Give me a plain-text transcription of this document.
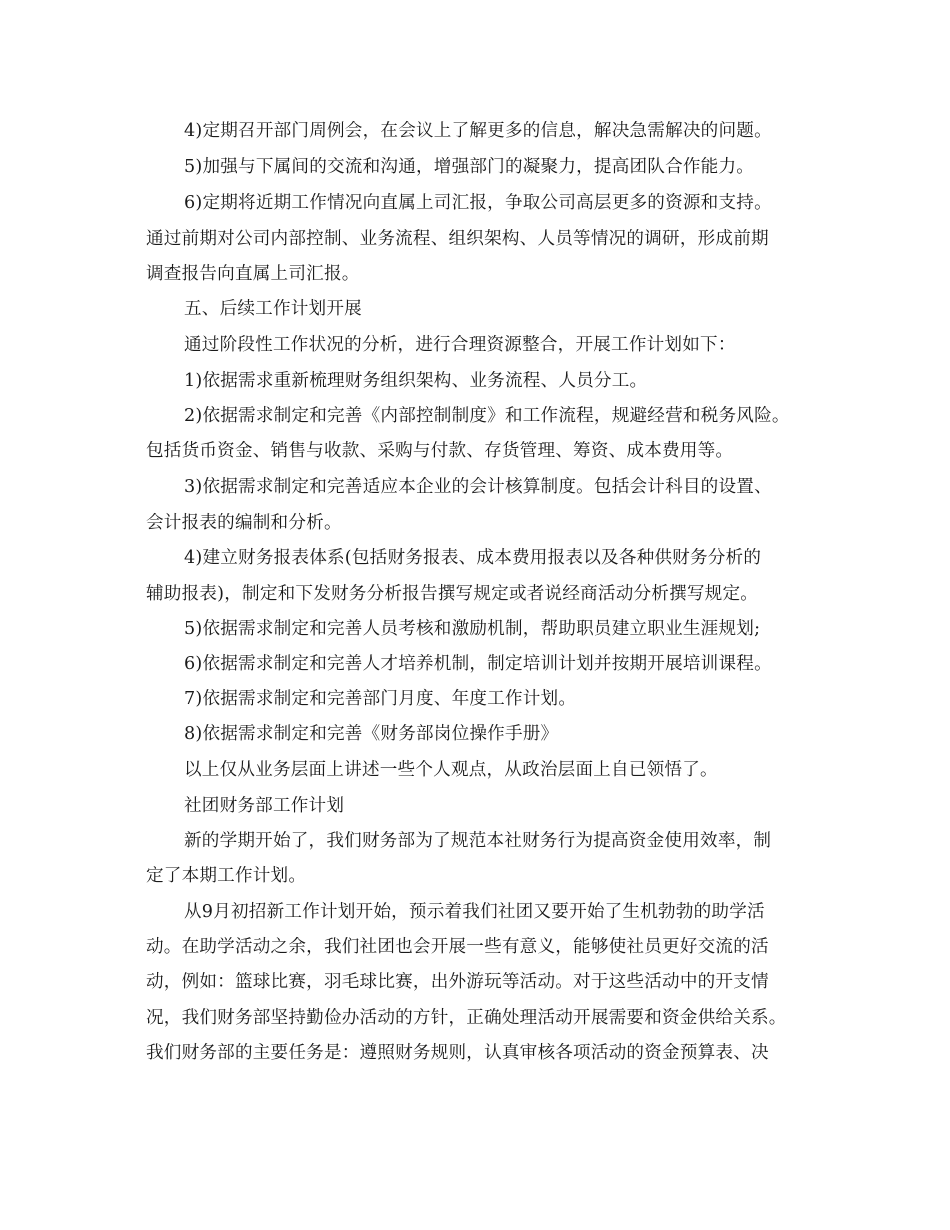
4)定期召开部门周例会，在会议上了解更多的信息，解决急需解决的问题。
5)加强与下属间的交流和沟通，增强部门的凝聚力，提高团队合作能力。
6)定期将近期工作情况向直属上司汇报，争取公司高层更多的资源和支持。
通过前期对公司内部控制、业务流程、组织架构、人员等情况的调研，形成前期
调查报告向直属上司汇报。
五、后续工作计划开展
通过阶段性工作状况的分析，进行合理资源整合，开展工作计划如下：
1)依据需求重新梳理财务组织架构、业务流程、人员分工。
2)依据需求制定和完善《内部控制制度》和工作流程，规避经营和税务风险。
包括货币资金、销售与收款、采购与付款、存货管理、筹资、成本费用等。
3)依据需求制定和完善适应本企业的会计核算制度。包括会计科目的设置、
会计报表的编制和分析。
4)建立财务报表体系(包括财务报表、成本费用报表以及各种供财务分析的
辅助报表)，制定和下发财务分析报告撰写规定或者说经商活动分析撰写规定。
5)依据需求制定和完善人员考核和激励机制，帮助职员建立职业生涯规划;
6)依据需求制定和完善人才培养机制，制定培训计划并按期开展培训课程。
7)依据需求制定和完善部门月度、年度工作计划。
8)依据需求制定和完善《财务部岗位操作手册》
以上仅从业务层面上讲述一些个人观点，从政治层面上自已领悟了。
社团财务部工作计划
新的学期开始了，我们财务部为了规范本社财务行为提高资金使用效率，制
定了本期工作计划。
从9月初招新工作计划开始，预示着我们社团又要开始了生机勃勃的助学活
动。在助学活动之余，我们社团也会开展一些有意义，能够使社员更好交流的活
动，例如：篮球比赛，羽毛球比赛，出外游玩等活动。对于这些活动中的开支情
况，我们财务部坚持勤俭办活动的方针，正确处理活动开展需要和资金供给关系。
我们财务部的主要任务是：遵照财务规则，认真审核各项活动的资金预算表、决
